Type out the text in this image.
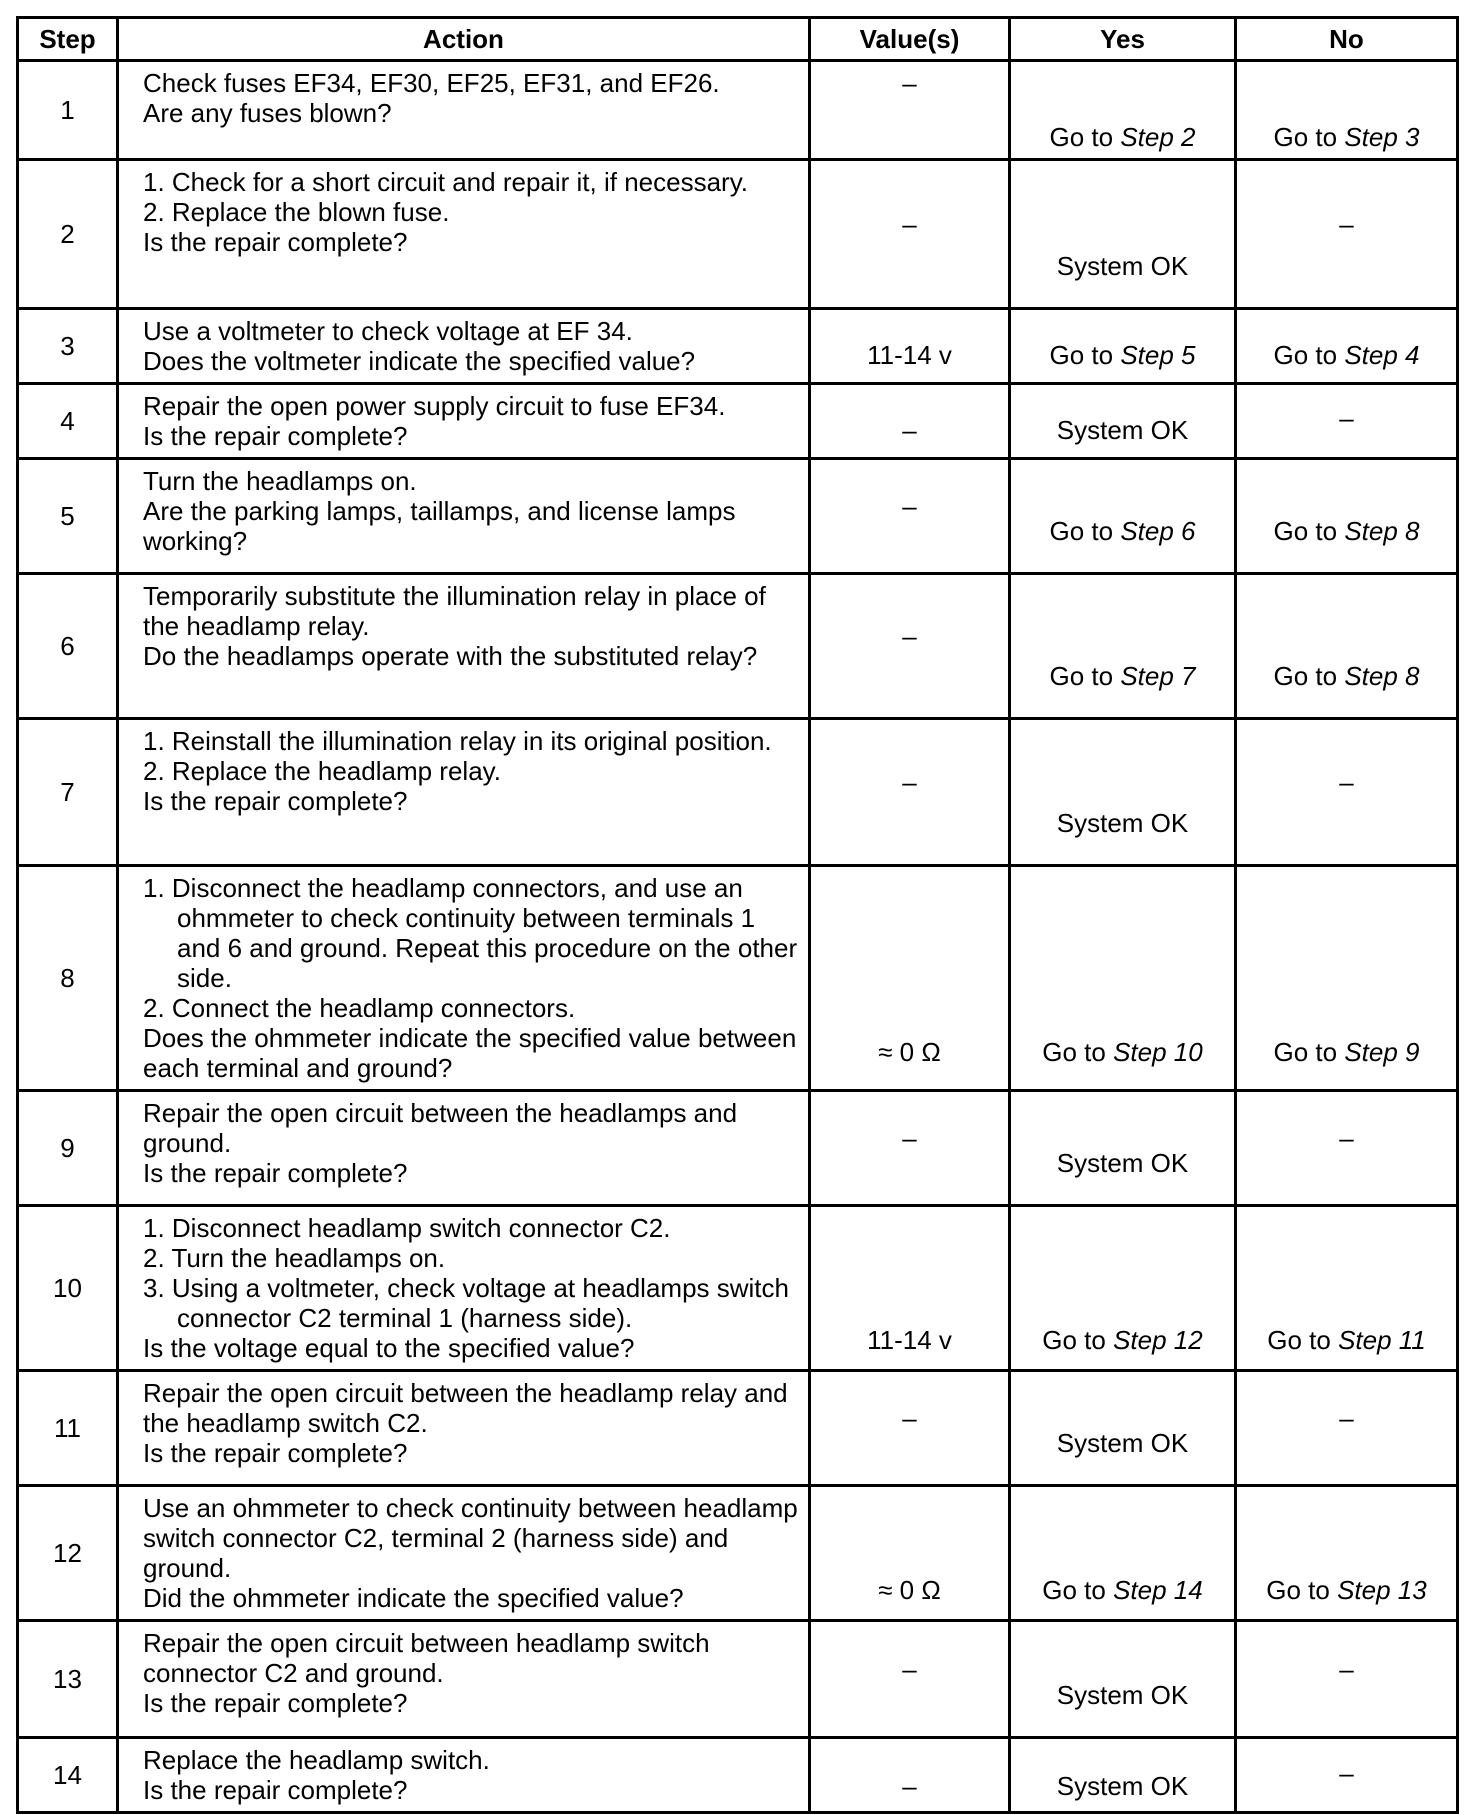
Step	Action	Value(s)	Yes	No
1	Check fuses EF34, EF30, EF25, EF31, and EF26.
Are any fuses blown?	–	Go to Step 2	Go to Step 3

2	1. Check for a short circuit and repair it, if necessary.
2. Replace the blown fuse.
Is the repair complete?	–	System OK	–

3	Use a voltmeter to check voltage at EF 34.
Does the voltmeter indicate the specified value?	11-14 v	Go to Step 5	Go to Step 4

4	Repair the open power supply circuit to fuse EF34.
Is the repair complete?	–	System OK	–

5	Turn the headlamps on.
Are the parking lamps, taillamps, and license lamps working?	–	Go to Step 6	Go to Step 8

6	Temporarily substitute the illumination relay in place of the headlamp relay.
Do the headlamps operate with the substituted relay?	–	Go to Step 7	Go to Step 8

7	1. Reinstall the illumination relay in its original position.
2. Replace the headlamp relay.
Is the repair complete?	–	System OK	–

8	1. Disconnect the headlamp connectors, and use an ohmmeter to check continuity between terminals 1 and 6 and ground. Repeat this procedure on the other side.
2. Connect the headlamp connectors.
Does the ohmmeter indicate the specified value between each terminal and ground?	≈ 0 Ω	Go to Step 10	Go to Step 9

9	Repair the open circuit between the headlamps and ground.
Is the repair complete?	–	System OK	–

10	1. Disconnect headlamp switch connector C2.
2. Turn the headlamps on.
3. Using a voltmeter, check voltage at headlamps switch connector C2 terminal 1 (harness side).
Is the voltage equal to the specified value?	11-14 v	Go to Step 12	Go to Step 11

11	Repair the open circuit between the headlamp relay and the headlamp switch C2.
Is the repair complete?	–	System OK	–

12	Use an ohmmeter to check continuity between headlamp switch connector C2, terminal 2 (harness side) and ground.
Did the ohmmeter indicate the specified value?	≈ 0 Ω	Go to Step 14	Go to Step 13

13	Repair the open circuit between headlamp switch connector C2 and ground.
Is the repair complete?	–	System OK	–

14	Replace the headlamp switch.
Is the repair complete?	–	System OK	–
